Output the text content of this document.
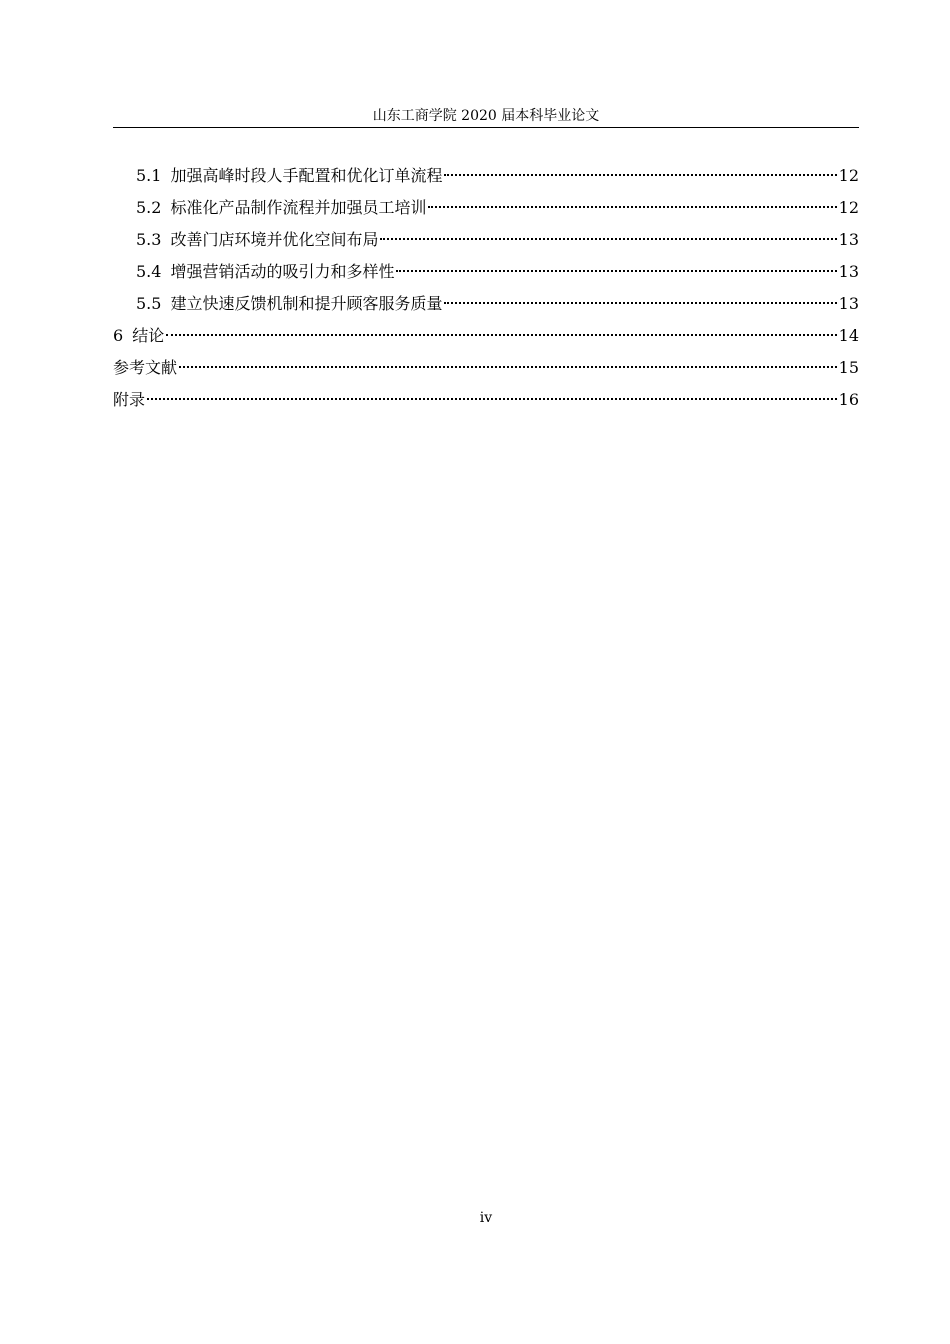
山东工商学院 2020 届本科毕业论文
5.1 加强高峰时段人手配置和优化订单流程	12
5.2 标准化产品制作流程并加强员工培训	12
5.3 改善门店环境并优化空间布局	13
5.4 增强营销活动的吸引力和多样性	13
5.5 建立快速反馈机制和提升顾客服务质量	13
6 结论	14
参考文献	15
附录	16
iv
